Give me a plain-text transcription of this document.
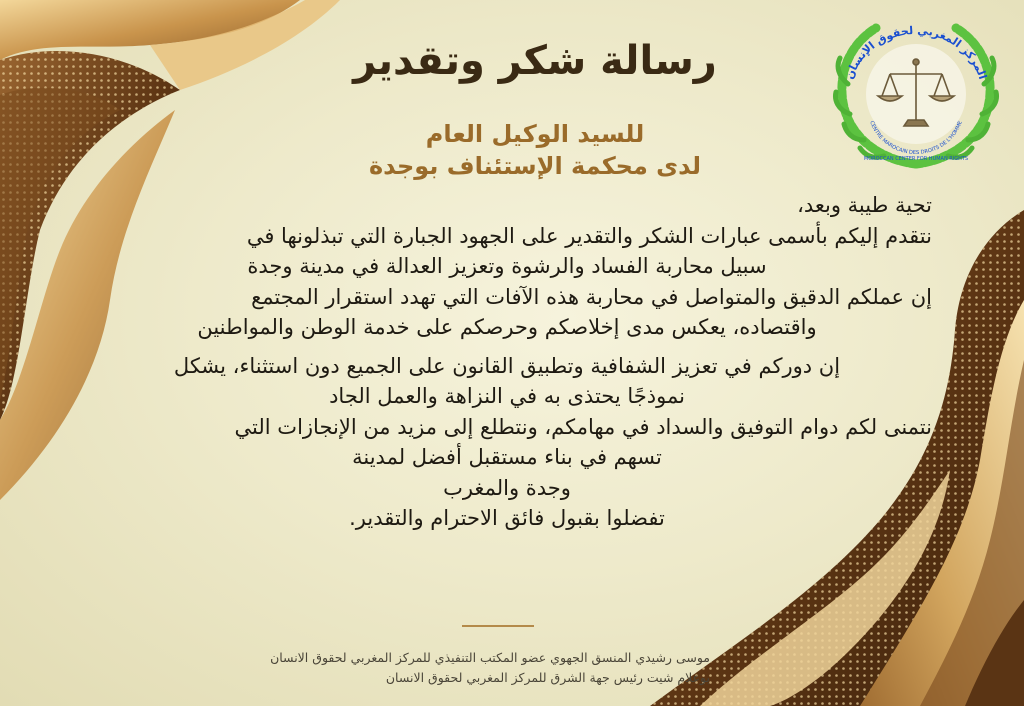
رسالة شكر وتقدير
للسيد الوكيل العام
لدى محكمة الإستئناف بوجدة

تحية طيبة وبعد،

نتقدم إليكم بأسمى عبارات الشكر والتقدير على الجهود الجبارة التي تبذلونها في

سبيل محاربة الفساد والرشوة وتعزيز العدالة في مدينة وجدة

إن عملكم الدقيق والمتواصل في محاربة هذه الآفات التي تهدد استقرار المجتمع

واقتصاده، يعكس مدى إخلاصكم وحرصكم على خدمة الوطن والمواطنين

إن دوركم في تعزيز الشفافية وتطبيق القانون على الجميع دون استثناء، يشكل

نموذجًا يحتذى به في النزاهة والعمل الجاد

نتمنى لكم دوام التوفيق والسداد في مهامكم، ونتطلع إلى مزيد من الإنجازات التي

تسهم في بناء مستقبل أفضل لمدينة

وجدة والمغرب

تفضلوا بقبول فائق الاحترام والتقدير.

موسى رشيدي المنسق الجهوي عضو المكتب التنفيذي للمركز المغربي لحقوق الانسان
بوعلام شيت رئيس جهة الشرق للمركز المغربي لحقوق الانسان
المركز المغربي لحقوق الإنسان
CENTRE MAROCAIN DES DROITS DE L'HOMME
MOROCCAN CENTER FOR HUMAN RIGHTS
